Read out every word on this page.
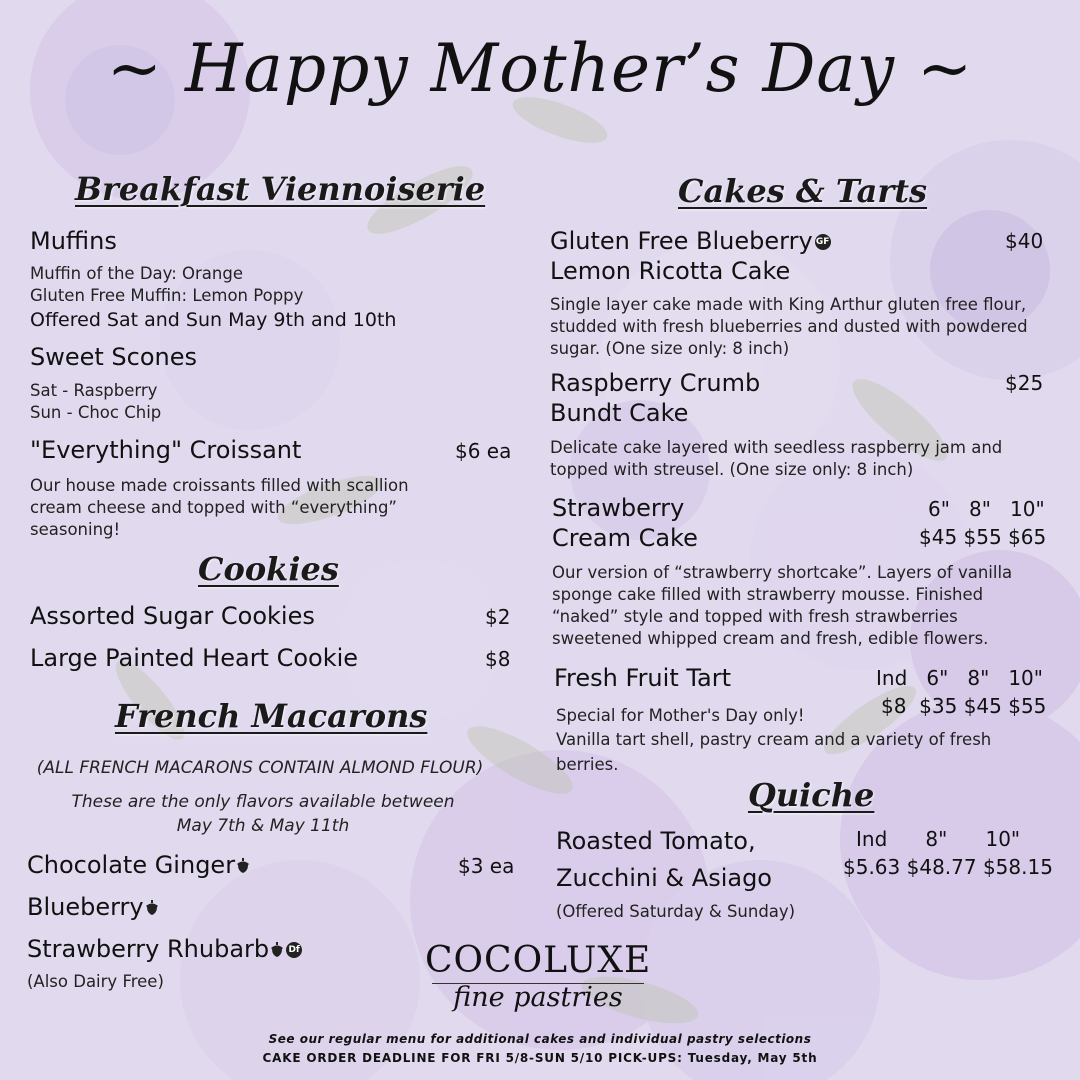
~ Happy Mother’s Day ~
Breakfast Viennoiserie
Muffins
Muffin of the Day: Orange
Gluten Free Muffin: Lemon Poppy
Offered Sat and Sun May 9th and 10th
Sweet Scones
Sat - Raspberry
Sun - Choc Chip
"Everything" Croissant	$6 ea
Our house made croissants filled with scallion
cream cheese and topped with “everything”
seasoning!
Cookies
Assorted Sugar Cookies	$2
Large Painted Heart Cookie	$8
French Macarons
(ALL FRENCH MACARONS CONTAIN ALMOND FLOUR)
These are the only flavors available between
May 7th & May 11th
Chocolate Ginger	$3 ea
Blueberry
Strawberry Rhubarb Df
(Also Dairy Free)
Cakes & Tarts
Gluten Free Blueberry GF	$40
Lemon Ricotta Cake
Single layer cake made with King Arthur gluten free flour,
studded with fresh blueberries and dusted with powdered
sugar. (One size only: 8 inch)
Raspberry Crumb	$25
Bundt Cake
Delicate cake layered with seedless raspberry jam and
topped with streusel. (One size only: 8 inch)
Strawberry
Cream Cake
6"   8"   10"
$45 $55 $65
Our version of “strawberry shortcake”. Layers of vanilla
sponge cake filled with strawberry mousse. Finished
“naked” style and topped with fresh strawberries
sweetened whipped cream and fresh, edible flowers.
Fresh Fruit Tart	Ind   6"   8"   10"
$8  $35 $45 $55
Special for Mother's Day only!
Vanilla tart shell, pastry cream and a variety of fresh
berries.
Quiche
Roasted Tomato,
Zucchini & Asiago
(Offered Saturday & Sunday)
Ind      8"      10"
$5.63 $48.77 $58.15
COCOLUXE
fine pastries
See our regular menu for additional cakes and individual pastry selections
CAKE ORDER DEADLINE FOR FRI 5/8-SUN 5/10 PICK-UPS: Tuesday, May 5th
